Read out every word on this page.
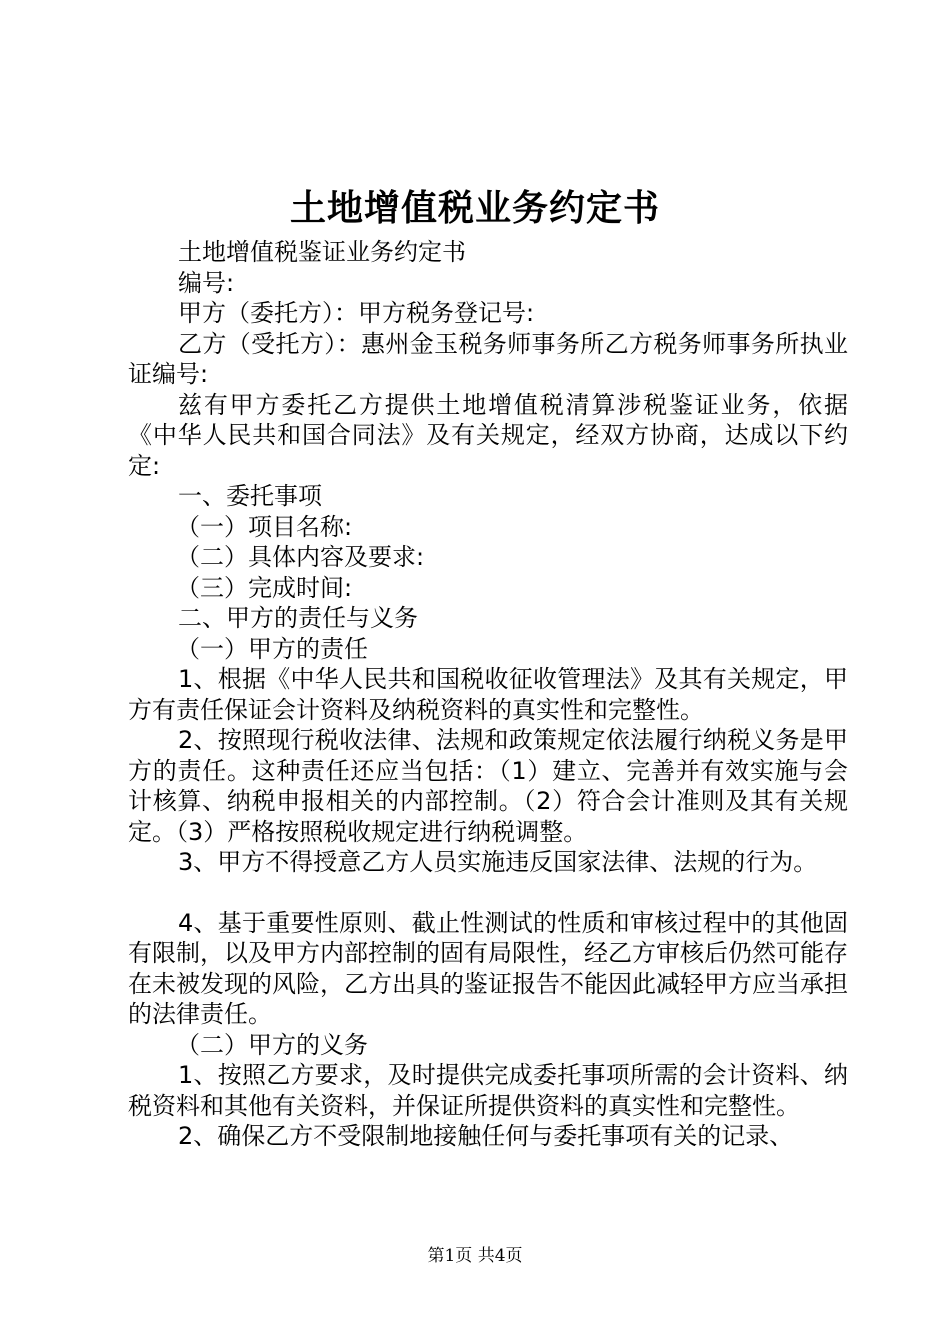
土地增值税业务约定书

土地增值税鉴证业务约定书

编号:

甲方（委托方）：甲方税务登记号:

乙方（受托方）：惠州金玉税务师事务所乙方税务师事务所执业证编号:

兹有甲方委托乙方提供土地增值税清算涉税鉴证业务，依据《中华人民共和国合同法》及有关规定，经双方协商，达成以下约定:

一、委托事项

（一）项目名称:

（二）具体内容及要求:

（三）完成时间:

二、甲方的责任与义务

（一）甲方的责任

1、根据《中华人民共和国税收征收管理法》及其有关规定，甲方有责任保证会计资料及纳税资料的真实性和完整性。

2、按照现行税收法律、法规和政策规定依法履行纳税义务是甲方的责任。这种责任还应当包括：（1）建立、完善并有效实施与会计核算、纳税申报相关的内部控制。（2）符合会计准则及其有关规定。（3）严格按照税收规定进行纳税调整。

3、甲方不得授意乙方人员实施违反国家法律、法规的行为。

4、基于重要性原则、截止性测试的性质和审核过程中的其他固有限制，以及甲方内部控制的固有局限性，经乙方审核后仍然可能存在未被发现的风险，乙方出具的鉴证报告不能因此减轻甲方应当承担的法律责任。

（二）甲方的义务

1、按照乙方要求，及时提供完成委托事项所需的会计资料、纳税资料和其他有关资料，并保证所提供资料的真实性和完整性。

2、确保乙方不受限制地接触任何与委托事项有关的记录、

第1页 共4页
